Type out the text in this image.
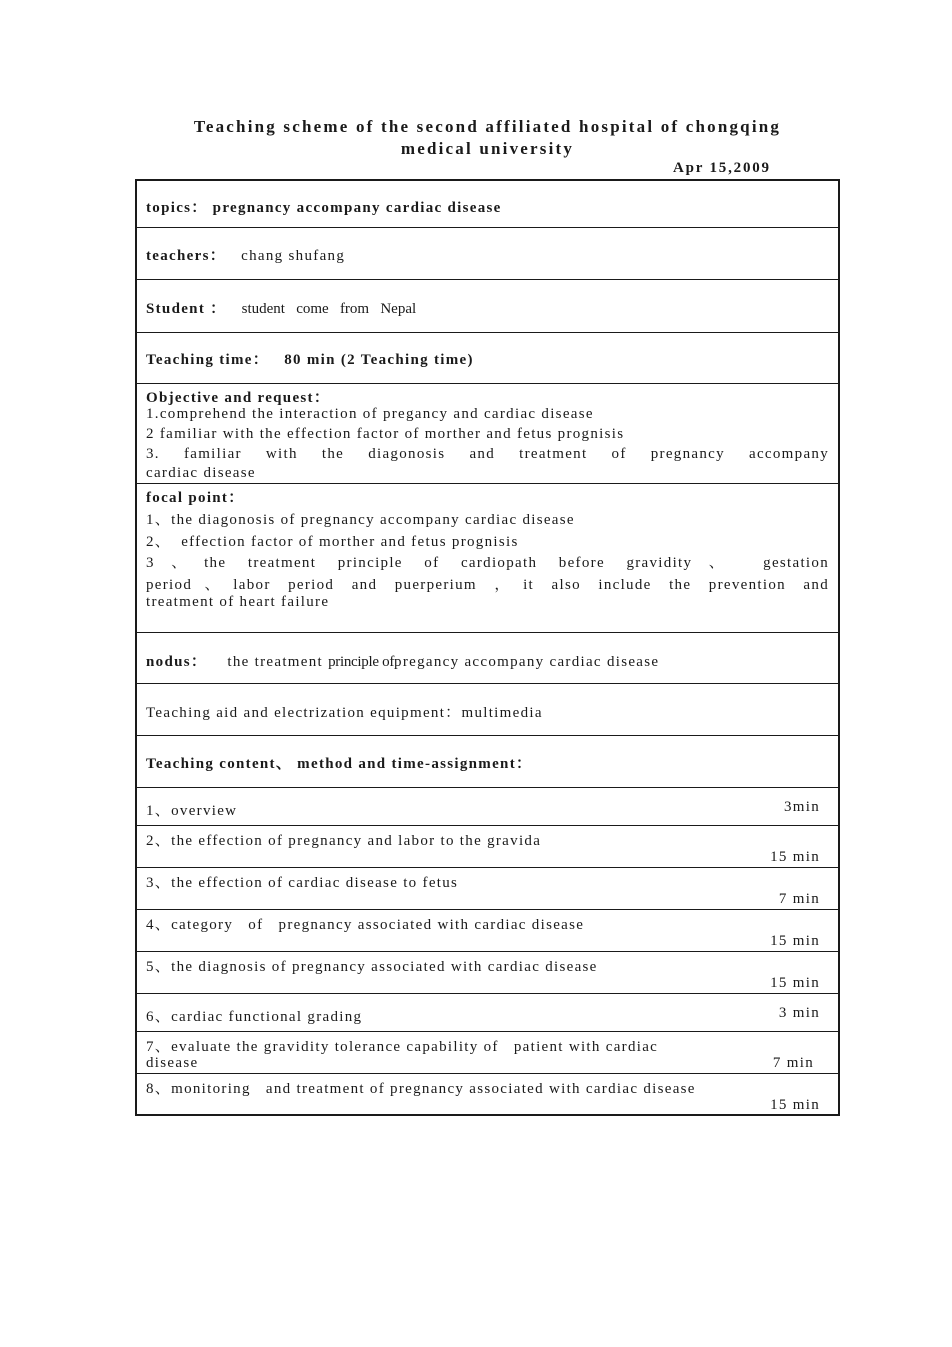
Teaching scheme of the second affiliated hospital of chongqing
medical university
Apr 15,2009
topics： pregnancy accompany cardiac disease
teachers： chang shufang
Student ： student   come   from   Nepal
Teaching time： 80 min (2 Teaching time)
Objective and request：
1.comprehend the interaction of pregancy and cardiac disease
2 familiar with the effection factor of morther and fetus prognisis
3. familiar with the diagonosis and treatment of pregnancy accompany
cardiac disease
focal point：
1、the diagonosis of pregnancy accompany cardiac disease
2、  effection factor of morther and fetus prognisis
3、the treatment principle of cardiopath before gravidity、 gestation
period、labor period and puerperium ，it also include the prevention and
treatment of heart failure
nodus： the treatment principle ofpregancy accompany cardiac disease
Teaching aid and electrization equipment：multimedia
Teaching content、 method and time-assignment：
1、overview	3min
2、the effection of pregnancy and labor to the gravida
15 min
3、the effection of cardiac disease to fetus
7 min
4、category   of   pregnancy associated with cardiac disease
15 min
5、the diagnosis of pregnancy associated with cardiac disease
15 min
6、cardiac functional grading	3 min
7、evaluate the gravidity tolerance capability of   patient with cardiac
disease	7 min
8、monitoring   and treatment of pregnancy associated with cardiac disease
15 min
